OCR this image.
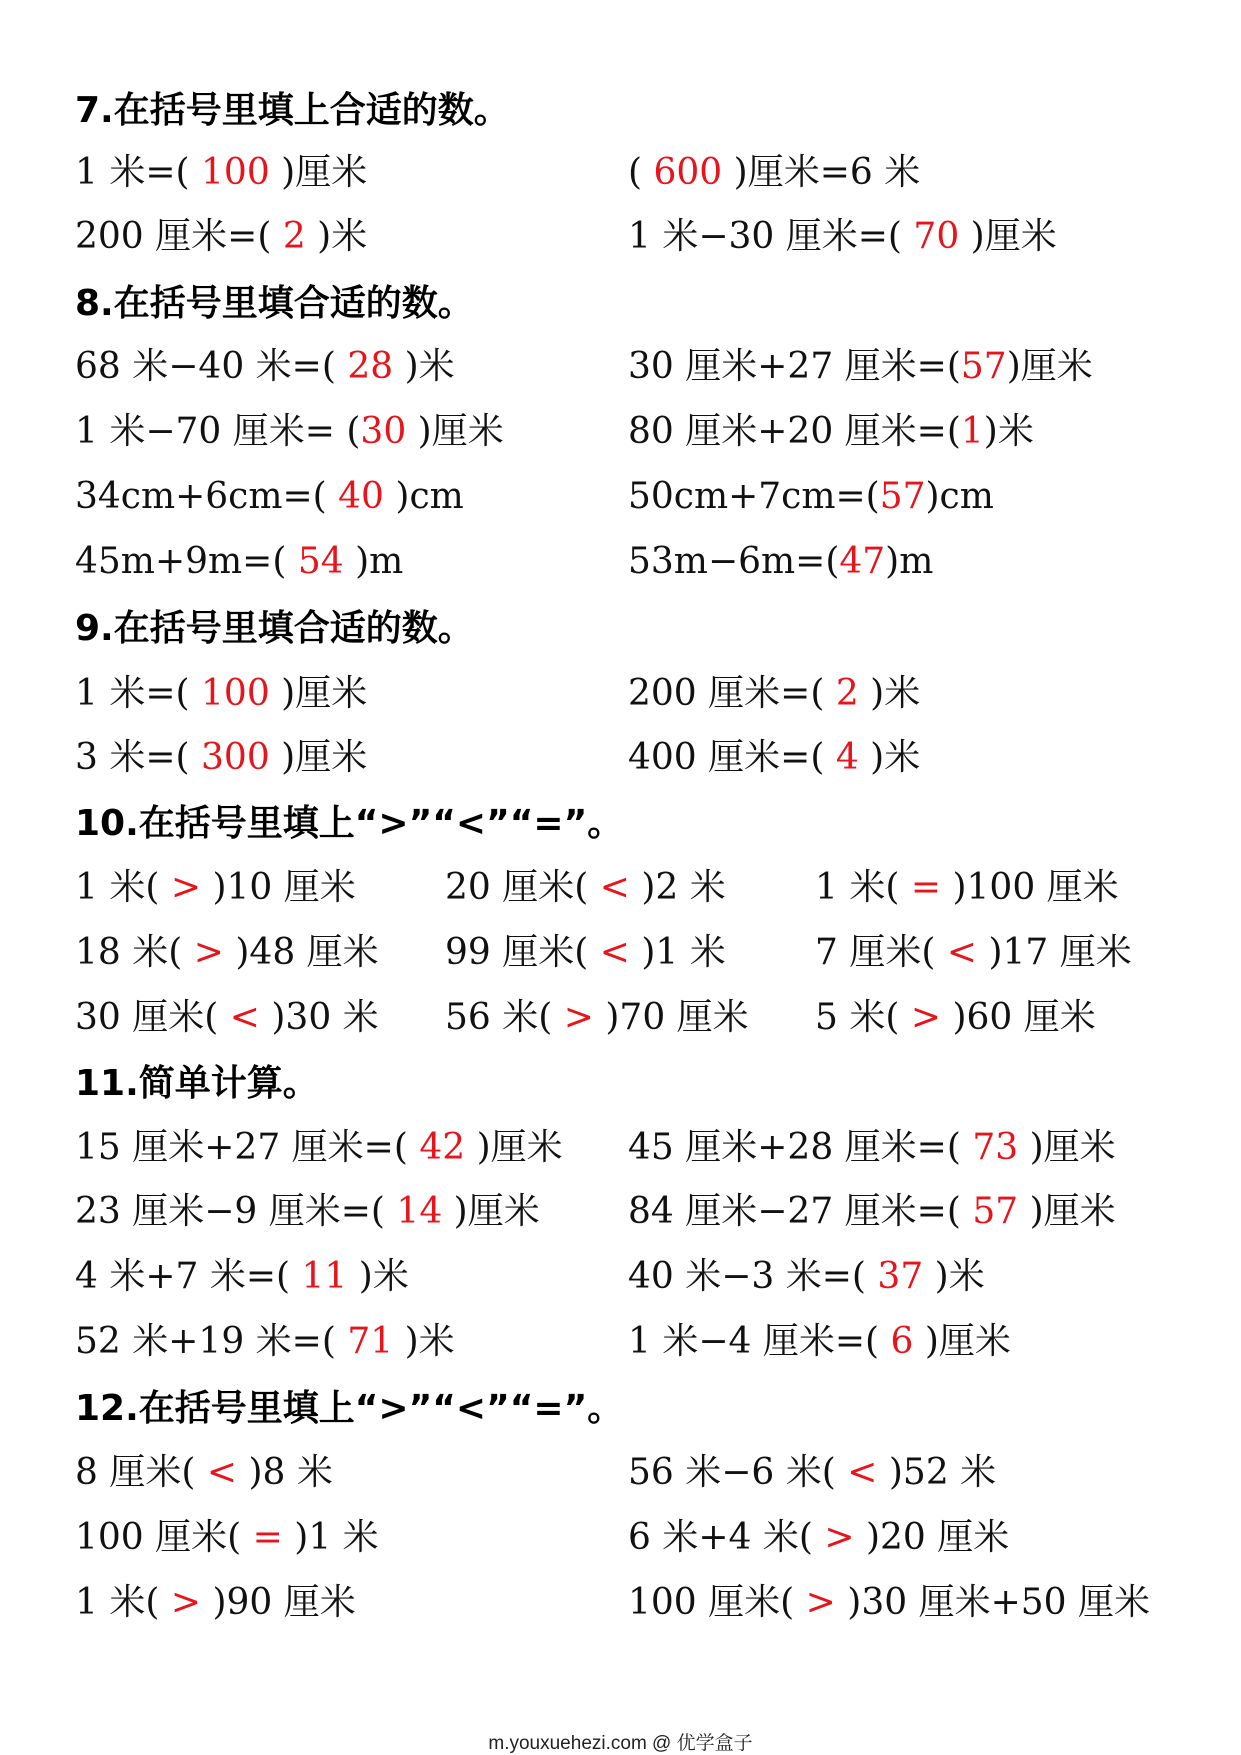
7.在括号里填上合适的数。
1 米=( 100 )厘米	( 600 )厘米=6 米
200 厘米=( 2 )米	1 米−30 厘米=( 70 )厘米
8.在括号里填合适的数。
68 米−40 米=( 28 )米	30 厘米+27 厘米=(57)厘米
1 米−70 厘米= (30 )厘米	80 厘米+20 厘米=(1)米
34cm+6cm=( 40 )cm	50cm+7cm=(57)cm
45m+9m=( 54 )m	53m−6m=(47)m
9.在括号里填合适的数。
1 米=( 100 )厘米	200 厘米=( 2 )米
3 米=( 300 )厘米	400 厘米=( 4 )米
10.在括号里填上“>”“<”“=”。
1 米( > )10 厘米 20 厘米( < )2 米 1 米( = )100 厘米
18 米( > )48 厘米 99 厘米( < )1 米 7 厘米( < )17 厘米
30 厘米( < )30 米 56 米( > )70 厘米 5 米( > )60 厘米
11.简单计算。
15 厘米+27 厘米=( 42 )厘米 45 厘米+28 厘米=( 73 )厘米
23 厘米−9 厘米=( 14 )厘米 84 厘米−27 厘米=( 57 )厘米
4 米+7 米=( 11 )米	40 米−3 米=( 37 )米
52 米+19 米=( 71 )米	1 米−4 厘米=( 6 )厘米
12.在括号里填上“>”“<”“=”。
8 厘米( < )8 米	56 米−6 米( < )52 米
100 厘米( = )1 米	6 米+4 米( > )20 厘米
1 米( > )90 厘米	100 厘米( > )30 厘米+50 厘米
m.youxuehezi.com @ 优学盒子
